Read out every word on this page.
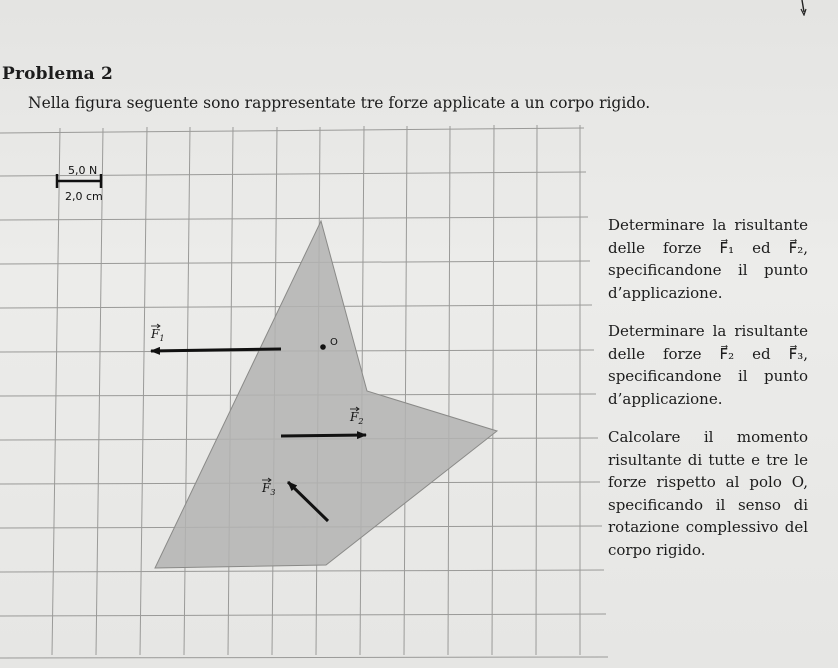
Problema 2
Nella figura seguente sono rappresentate tre forze applicate a un corpo rigido.
5,0 N
2,0 cm
O
$F_1$
$F_2$
$F_3$

Determinare la risultante delle forze F⃗₁ ed F⃗₂, specificandone il punto d’applicazione.

Determinare la risultante delle forze F⃗₂ ed F⃗₃, specificandone il punto d’applicazione.

Calcolare il momento risultante di tutte e tre le forze rispetto al polo O, specificando il senso di rotazione complessivo del corpo rigido.
